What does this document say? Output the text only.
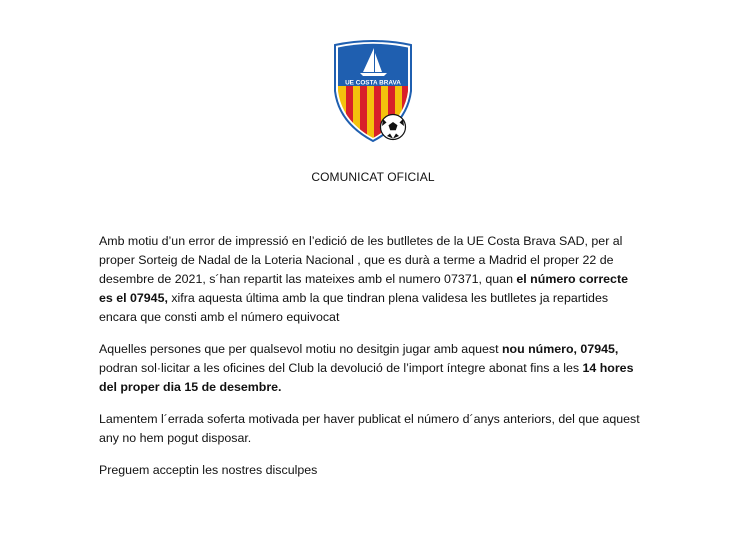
UE COSTA BRAVA
COMUNICAT OFICIAL

Amb motiu d’un error de impressió en l’edició de les butlletes de la UE Costa Brava SAD, per al proper Sorteig de Nadal de la Loteria Nacional , que es durà a terme a Madrid el proper 22 de desembre de 2021, s´han repartit las mateixes amb el numero 07371, quan el número correcte es el 07945, xifra aquesta última amb la que tindran plena validesa les butlletes ja repartides encara que consti amb el número equivocat

Aquelles persones que per qualsevol motiu no desitgin jugar amb aquest nou número, 07945, podran sol·licitar a les oficines del Club la devolució de l’import íntegre abonat fins a les 14 hores del proper dia 15 de desembre.

Lamentem l´errada soferta motivada per haver publicat el número d´anys anteriors, del que aquest any no hem pogut disposar.

Preguem acceptin les nostres disculpes
